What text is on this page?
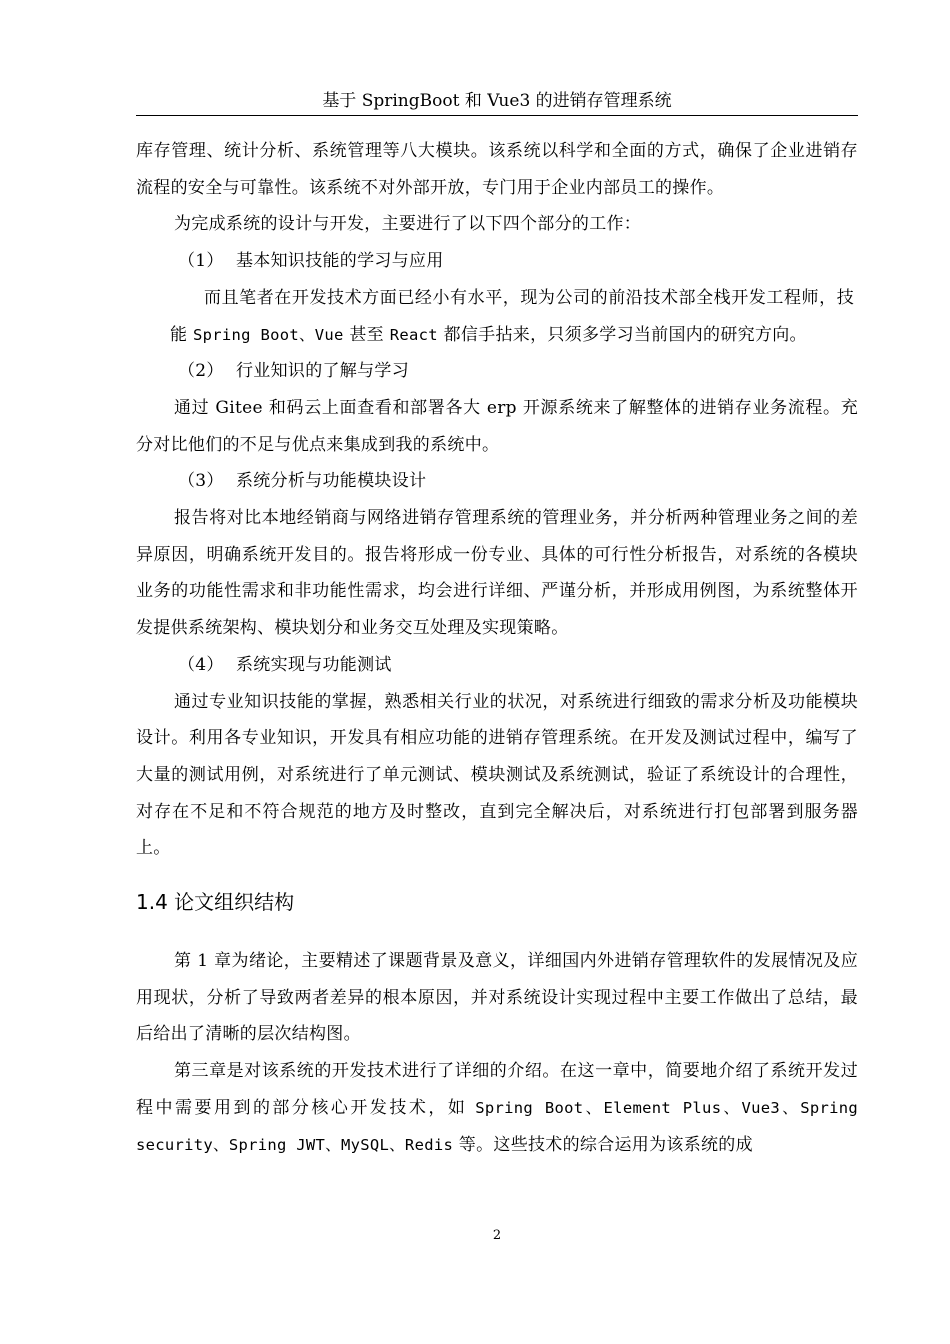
基于 SpringBoot 和 Vue3 的进销存管理系统

库存管理、统计分析、系统管理等八大模块。该系统以科学和全面的方式，确保了企业进销存流程的安全与可靠性。该系统不对外部开放，专门用于企业内部员工的操作。

为完成系统的设计与开发，主要进行了以下四个部分的工作：

（1） 基本知识技能的学习与应用

而且笔者在开发技术方面已经小有水平，现为公司的前沿技术部全栈开发工程师，技能 Spring Boot、Vue 甚至 React 都信手拈来，只须多学习当前国内的研究方向。

（2） 行业知识的了解与学习

通过 Gitee 和码云上面查看和部署各大 erp 开源系统来了解整体的进销存业务流程。充分对比他们的不足与优点来集成到我的系统中。

（3） 系统分析与功能模块设计

报告将对比本地经销商与网络进销存管理系统的管理业务，并分析两种管理业务之间的差异原因，明确系统开发目的。报告将形成一份专业、具体的可行性分析报告，对系统的各模块业务的功能性需求和非功能性需求，均会进行详细、严谨分析，并形成用例图，为系统整体开发提供系统架构、模块划分和业务交互处理及实现策略。

（4） 系统实现与功能测试

通过专业知识技能的掌握，熟悉相关行业的状况，对系统进行细致的需求分析及功能模块设计。利用各专业知识，开发具有相应功能的进销存管理系统。在开发及测试过程中，编写了大量的测试用例，对系统进行了单元测试、模块测试及系统测试，验证了系统设计的合理性，对存在不足和不符合规范的地方及时整改，直到完全解决后，对系统进行打包部署到服务器上。

1.4 论文组织结构

第 1 章为绪论，主要精述了课题背景及意义，详细国内外进销存管理软件的发展情况及应用现状，分析了导致两者差异的根本原因，并对系统设计实现过程中主要工作做出了总结，最后给出了清晰的层次结构图。

第三章是对该系统的开发技术进行了详细的介绍。在这一章中，简要地介绍了系统开发过程中需要用到的部分核心开发技术，如 Spring Boot、Element Plus、Vue3、Spring security、Spring JWT、MySQL、Redis 等。这些技术的综合运用为该系统的成

2
